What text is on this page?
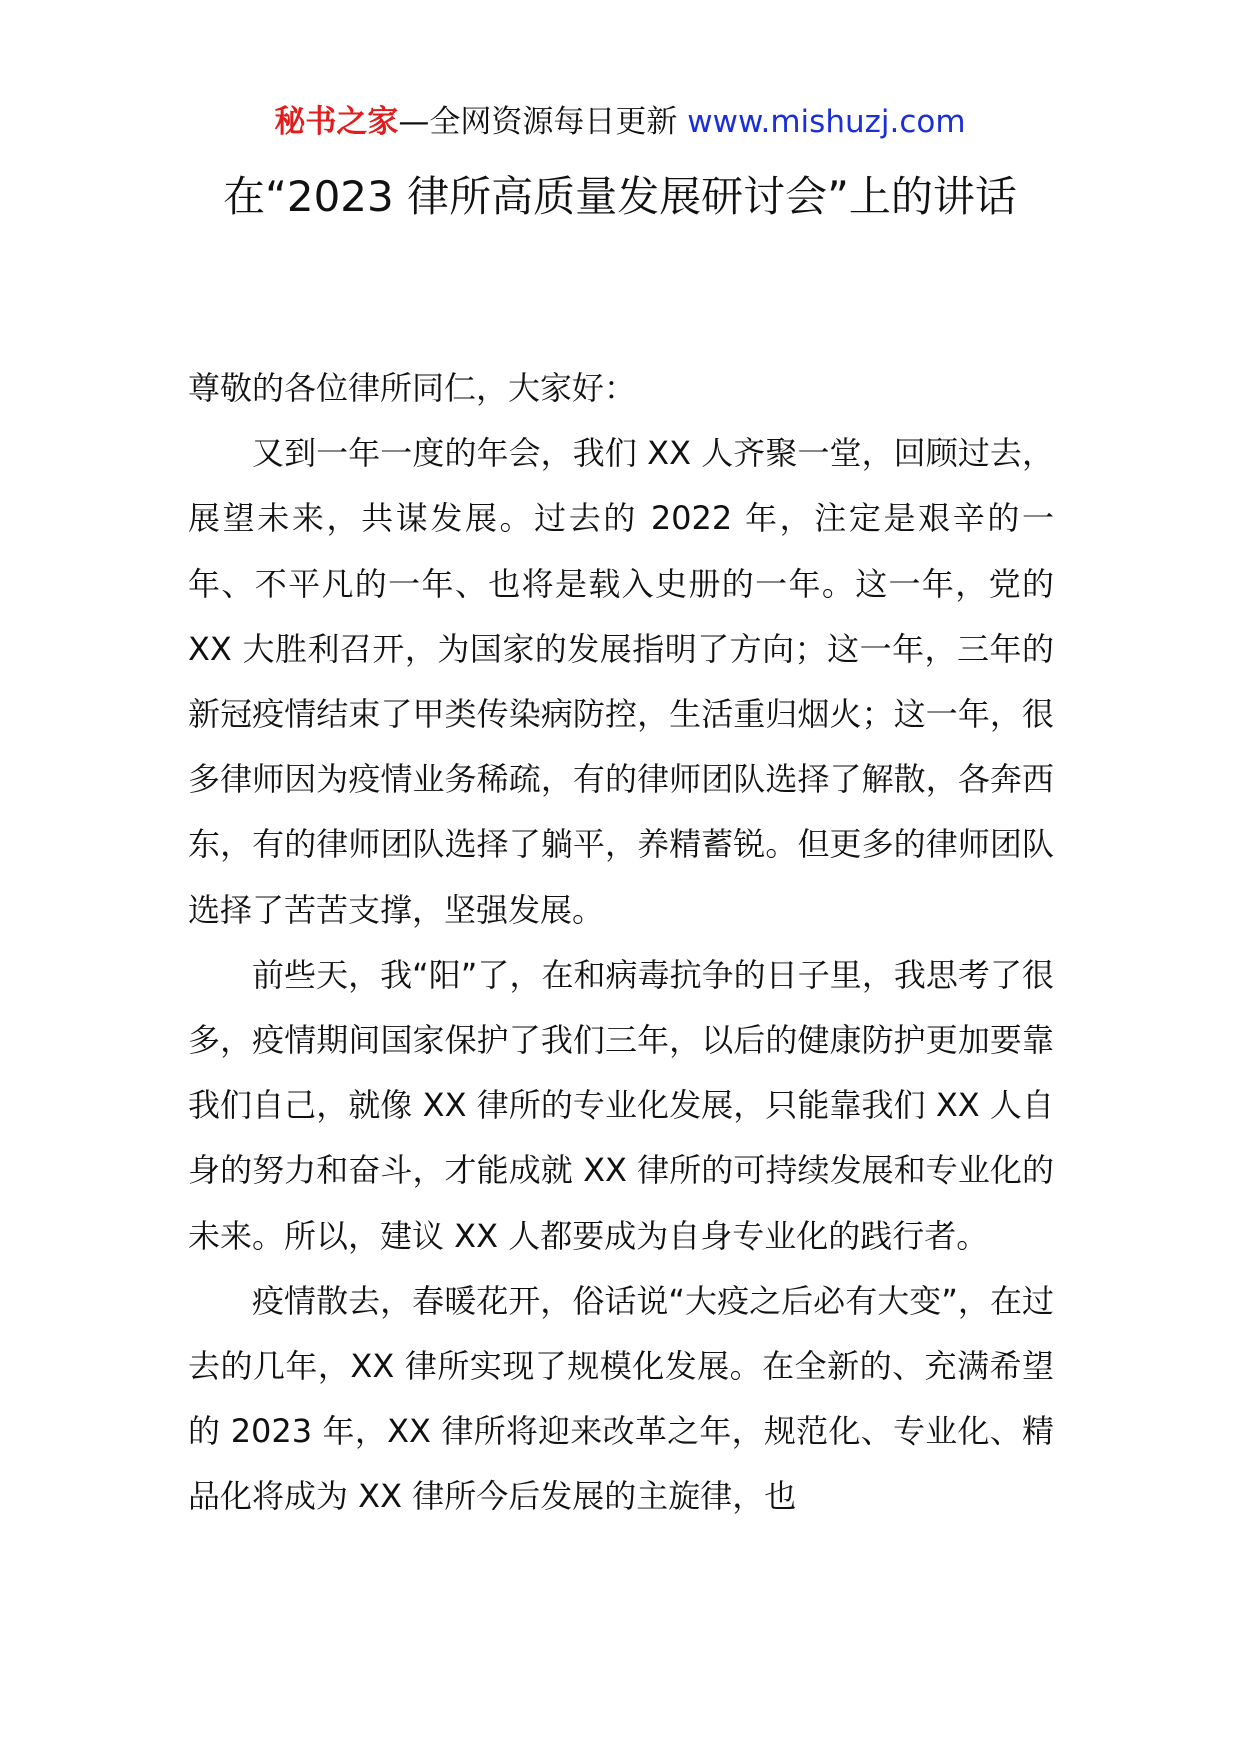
秘书之家—全网资源每日更新 www.mishuzj.com
在“2023 律所高质量发展研讨会”上的讲话

尊敬的各位律所同仁，大家好：

又到一年一度的年会，我们 XX 人齐聚一堂，回顾过去，展望未来，共谋发展。过去的 2022 年，注定是艰辛的一年、不平凡的一年、也将是载入史册的一年。这一年，党的 XX 大胜利召开，为国家的发展指明了方向；这一年，三年的新冠疫情结束了甲类传染病防控，生活重归烟火；这一年，很多律师因为疫情业务稀疏，有的律师团队选择了解散，各奔西东，有的律师团队选择了躺平，养精蓄锐。但更多的律师团队选择了苦苦支撑，坚强发展。

前些天，我“阳”了，在和病毒抗争的日子里，我思考了很多，疫情期间国家保护了我们三年，以后的健康防护更加要靠我们自己，就像 XX 律所的专业化发展，只能靠我们 XX 人自身的努力和奋斗，才能成就 XX 律所的可持续发展和专业化的未来。所以，建议 XX 人都要成为自身专业化的践行者。

疫情散去，春暖花开，俗话说“大疫之后必有大变”，在过去的几年，XX 律所实现了规模化发展。在全新的、充满希望的 2023 年，XX 律所将迎来改革之年，规范化、专业化、精品化将成为 XX 律所今后发展的主旋律，也
